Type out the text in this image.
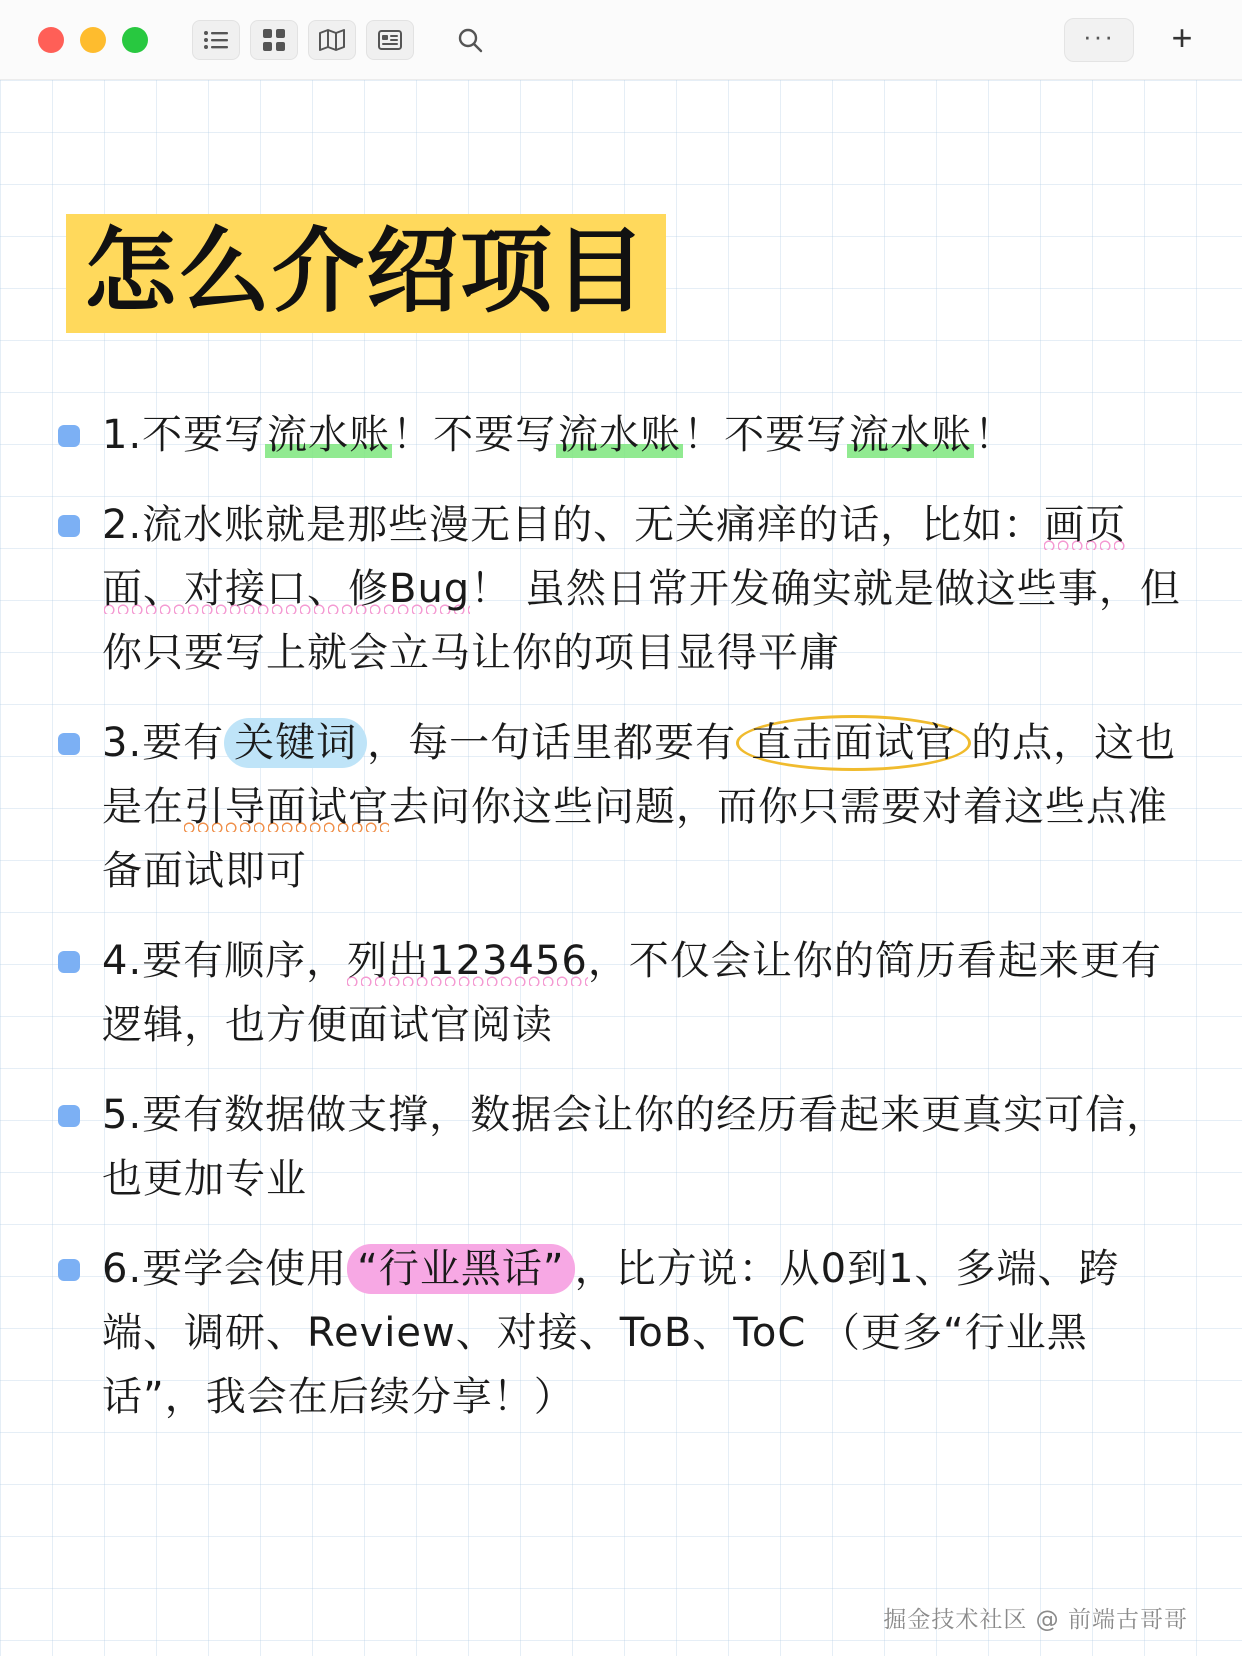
···	+
怎么介绍项目
1.不要写流水账！不要写流水账！不要写流水账！
2.流水账就是那些漫无目的、无关痛痒的话，比如：画页面、对接口、修Bug！ 虽然日常开发确实就是做这些事，但你只要写上就会立马让你的项目显得平庸
3.要有 关键词 ，每一句话里都要有 直击面试官 的点，这也是在引导面试官去问你这些问题，而你只需要对着这些点准备面试即可
4.要有顺序，列出123456，不仅会让你的简历看起来更有逻辑，也方便面试官阅读
5.要有数据做支撑，数据会让你的经历看起来更真实可信，也更加专业
6.要学会使用 “行业黑话” ，比方说：从0到1、多端、跨端、调研、Review、对接、ToB、ToC （更多“行业黑话”，我会在后续分享！）
掘金技术社区 @ 前端古哥哥
